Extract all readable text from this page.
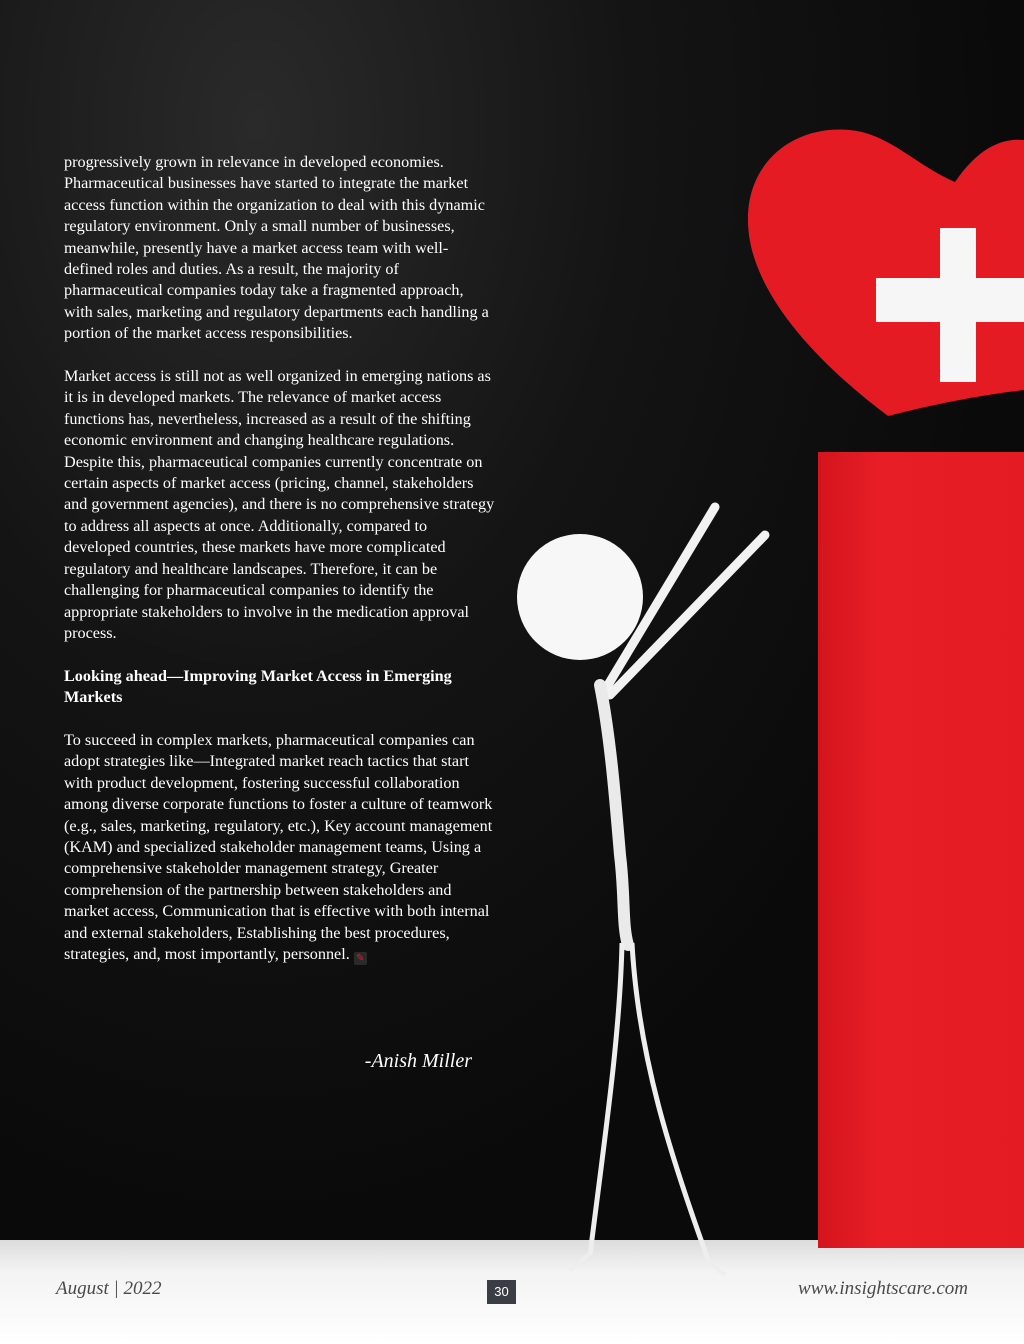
progressively grown in relevance in developed economies. Pharmaceutical businesses have started to integrate the market access function within the organization to deal with this dynamic regulatory environment. Only a small number of businesses, meanwhile, presently have a market access team with well-defined roles and duties. As a result, the majority of pharmaceutical companies today take a fragmented approach, with sales, marketing and regulatory departments each handling a portion of the market access responsibilities.

Market access is still not as well organized in emerging nations as it is in developed markets. The relevance of market access functions has, nevertheless, increased as a result of the shifting economic environment and changing healthcare regulations. Despite this, pharmaceutical companies currently concentrate on certain aspects of market access (pricing, channel, stakeholders and government agencies), and there is no comprehensive strategy to address all aspects at once. Additionally, compared to developed countries, these markets have more complicated regulatory and healthcare landscapes. Therefore, it can be challenging for pharmaceutical companies to identify the appropriate stakeholders to involve in the medication approval process.

Looking ahead—Improving Market Access in Emerging Markets

To succeed in complex markets, pharmaceutical companies can adopt strategies like—Integrated market reach tactics that start with product development, fostering successful collaboration among diverse corporate functions to foster a culture of teamwork (e.g., sales, marketing, regulatory, etc.), Key account management (KAM) and specialized stakeholder management teams, Using a comprehensive stakeholder management strategy, Greater comprehension of the partnership between stakeholders and market access, Communication that is effective with both internal and external stakeholders, Establishing the best procedures, strategies, and, most importantly, personnel. ✎

-Anish Miller
August | 2022	30	www.insightscare.com
